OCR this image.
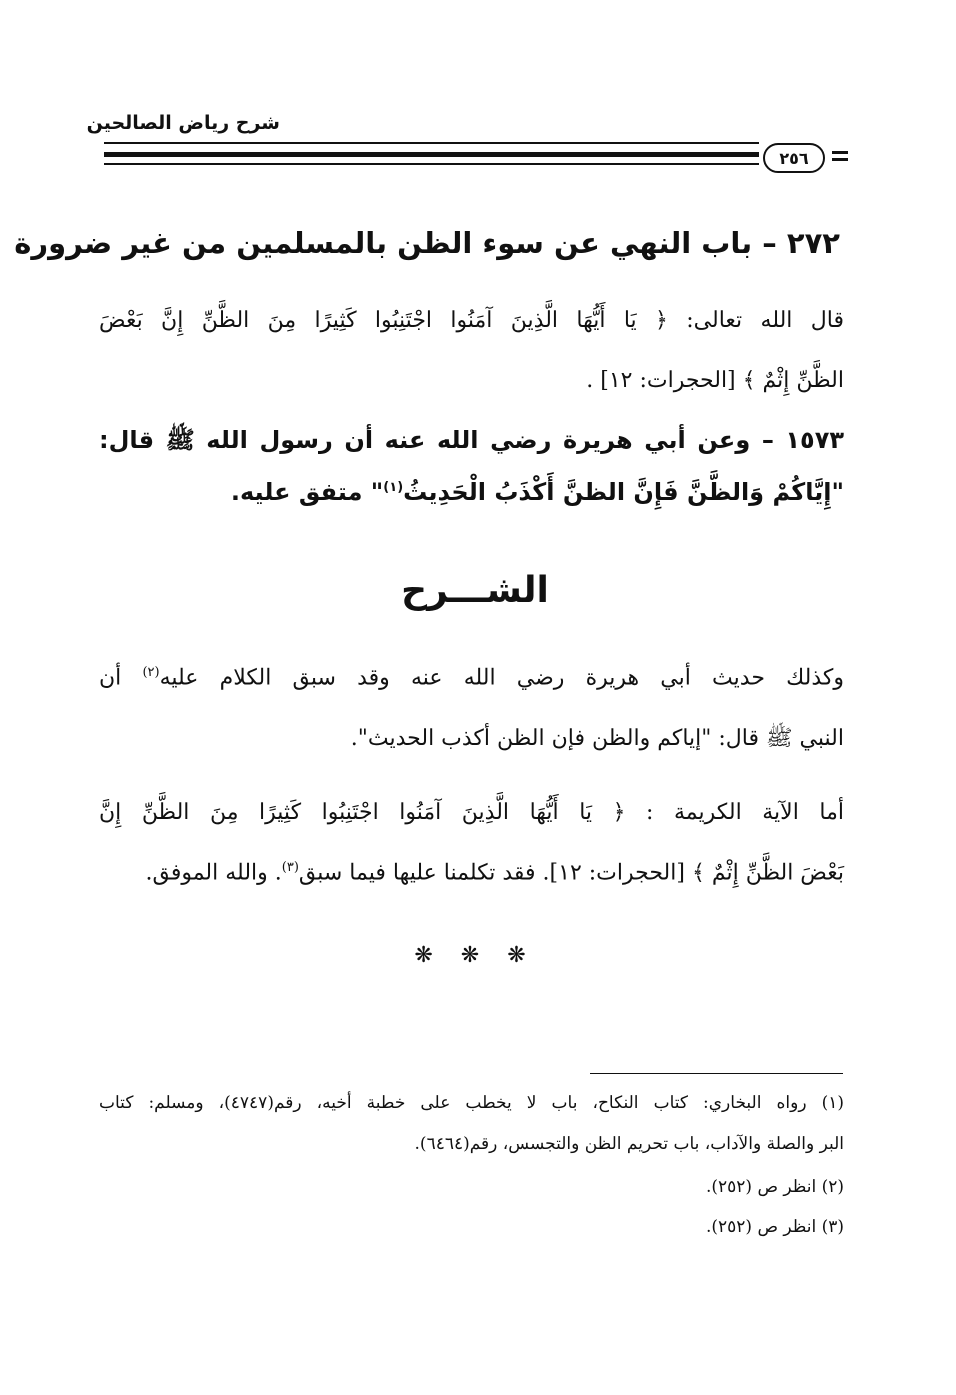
شرح رياض الصالحين
٢٥٦
٢٧٢ – باب النهي عن سوء الظن بالمسلمين من غير ضرورة
قال الله تعالى: ﴿ يَا أَيُّهَا الَّذِينَ آمَنُوا اجْتَنِبُوا كَثِيرًا مِنَ الظَّنِّ إِنَّ بَعْضَ
الظَّنِّ إِثْمٌ ﴾ [الحجرات: ١٢] .
١٥٧٣ – وعن أبي هريرة رضي الله عنه أن رسول الله ﷺ قال:
"إِيَّاكُمْ وَالظَّنَّ فَإِنَّ الظنَّ أَكْذَبُ الْحَدِيثُ$^{(١)}$" متفق عليه.
الشـــرح
وكذلك حديث أبي هريرة رضي الله عنه وقد سبق الكلام عليه$^{(٢)}$ أن
النبي ﷺ قال: "إياكم والظن فإن الظن أكذب الحديث".
أما الآية الكريمة : ﴿ يَا أَيُّهَا الَّذِينَ آمَنُوا اجْتَنِبُوا كَثِيرًا مِنَ الظَّنِّ إِنَّ
بَعْضَ الظَّنِّ إِثْمٌ ﴾ [الحجرات: ١٢]. فقد تكلمنا عليها فيما سبق$^{(٣)}$. والله الموفق.
❋ ❋ ❋
(١) رواه البخاري: كتاب النكاح، باب لا يخطب على خطبة أخيه، رقم(٤٧٤٧)، ومسلم: كتاب
البر والصلة والآداب، باب تحريم الظن والتجسس، رقم(٦٤٦٤).
(٢) انظر ص (٢٥٢).
(٣) انظر ص (٢٥٢).
